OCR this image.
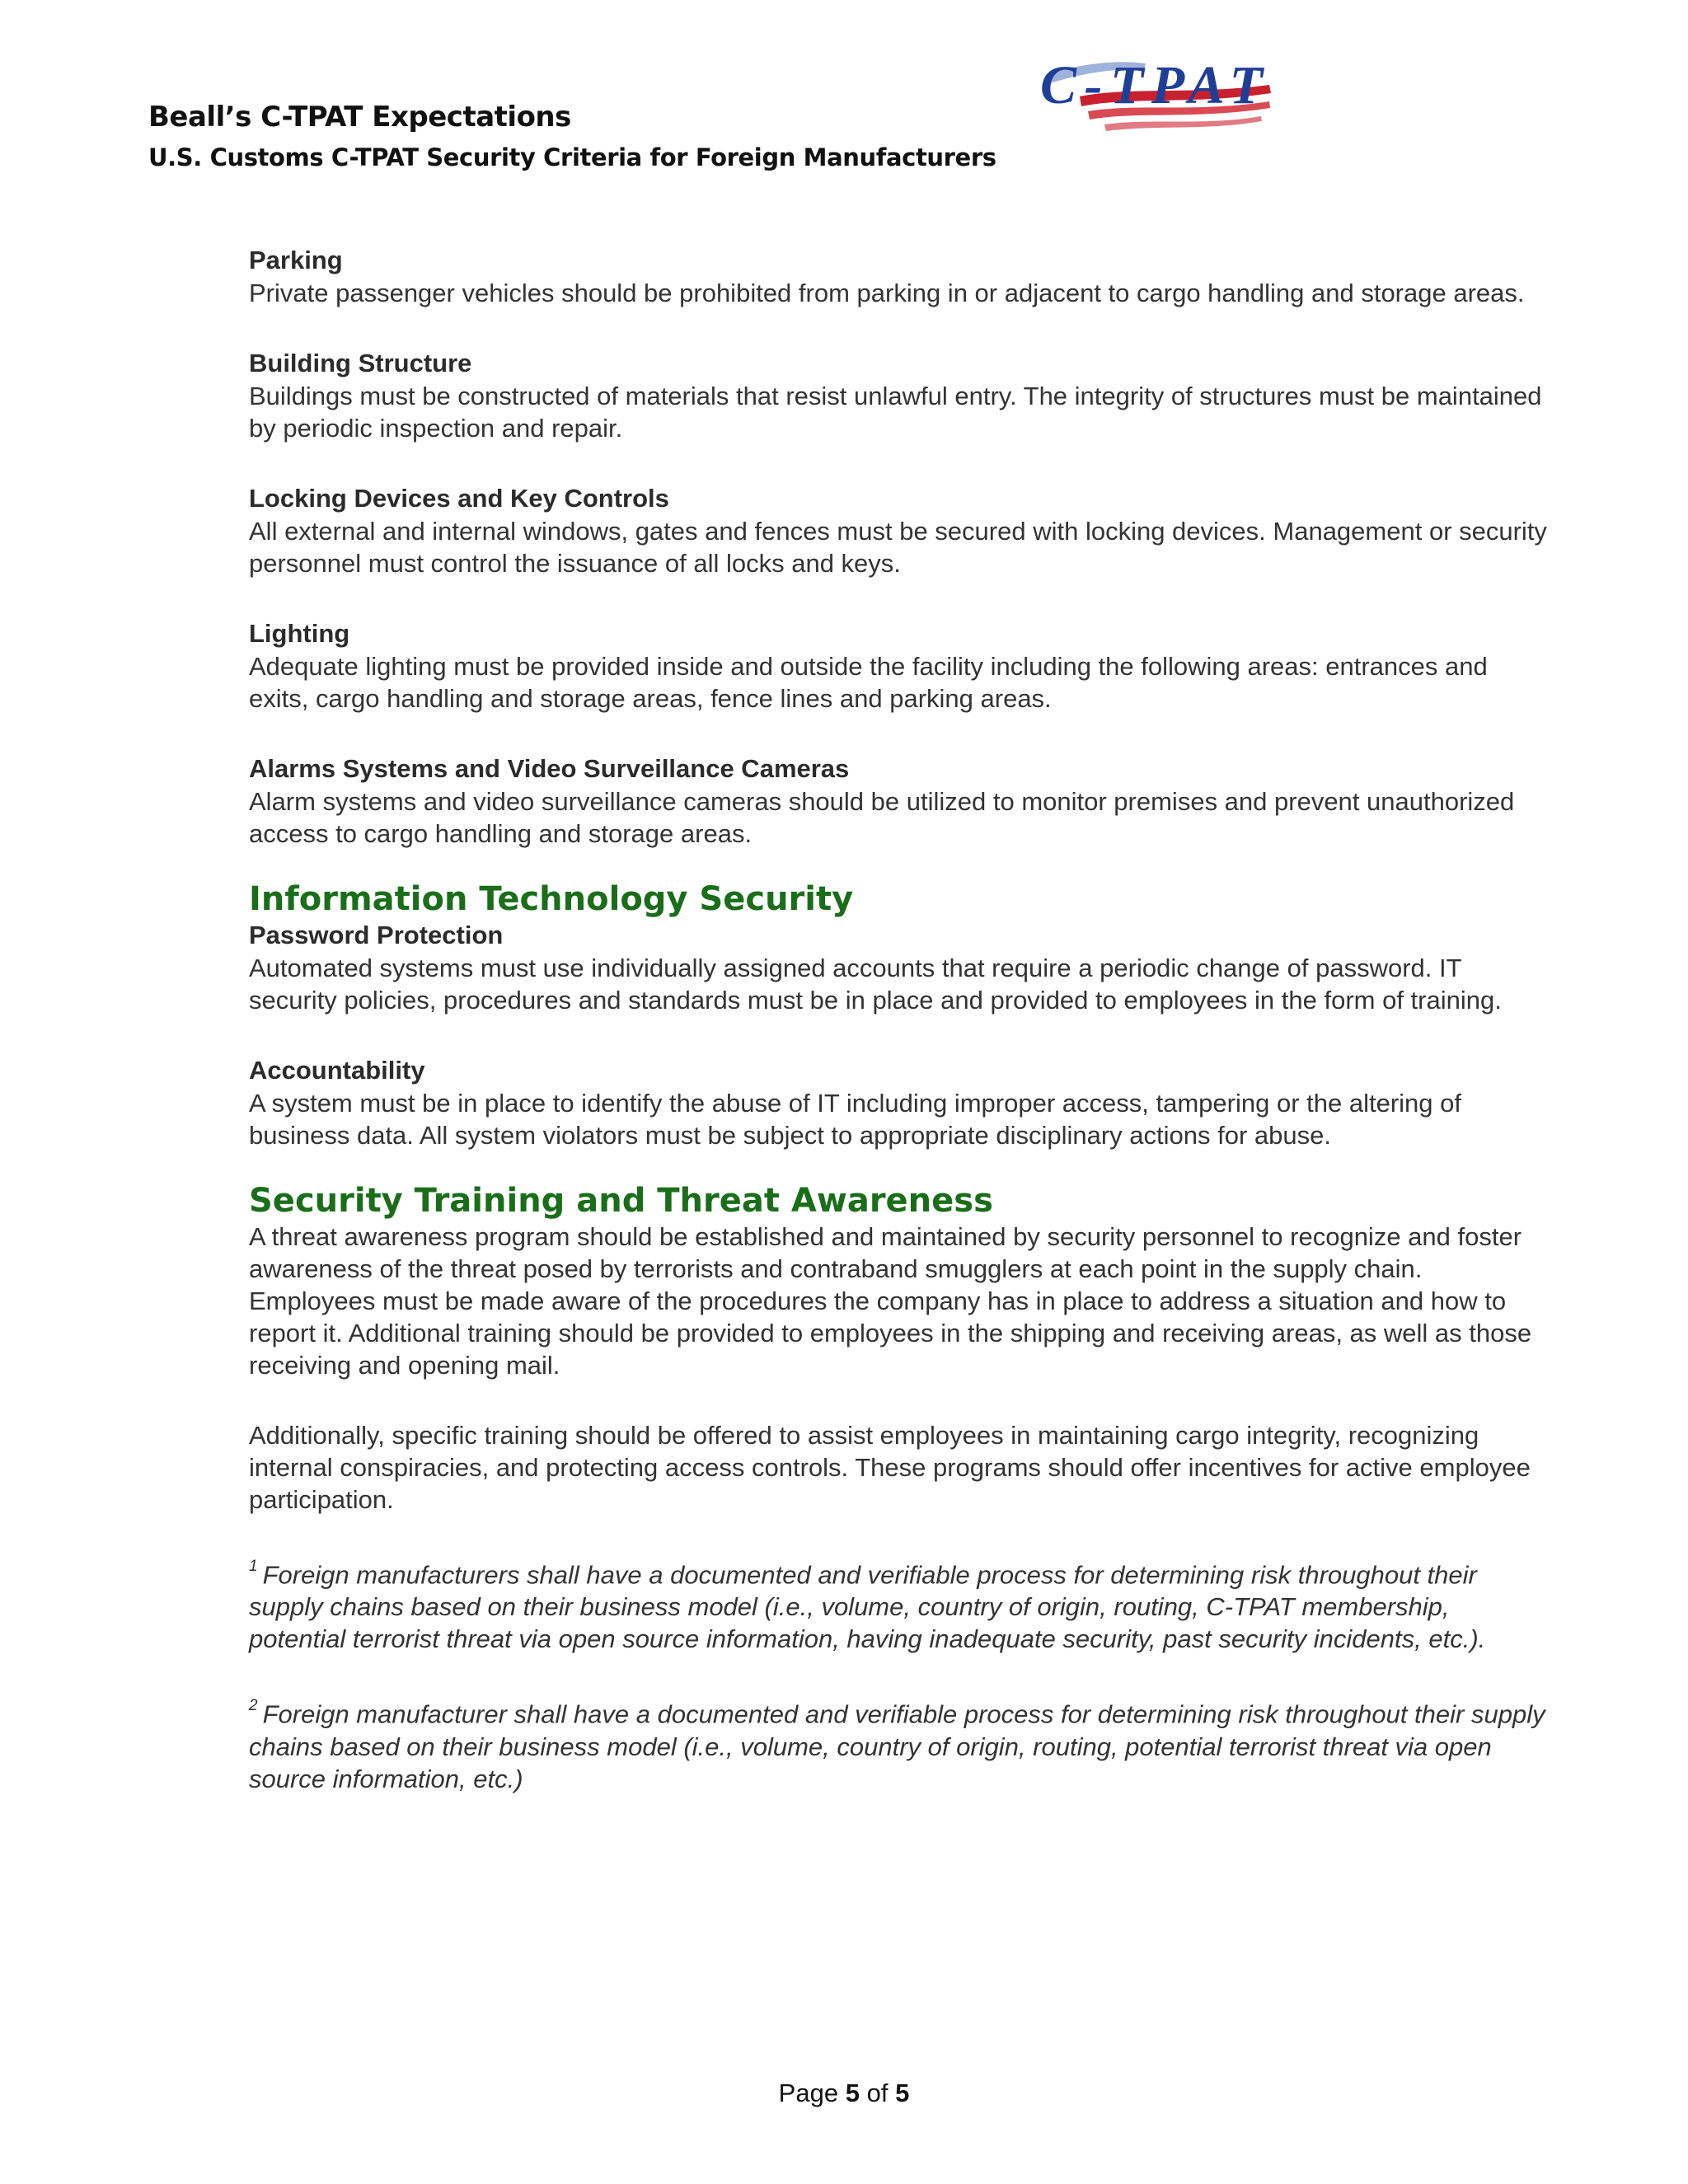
Beall’s C-TPAT Expectations
U.S. Customs C-TPAT Security Criteria for Foreign Manufacturers
C-TPAT
Parking
Private passenger vehicles should be prohibited from parking in or adjacent to cargo handling and storage areas.
Building Structure
Buildings must be constructed of materials that resist unlawful entry. The integrity of structures must be maintained by periodic inspection and repair.
Locking Devices and Key Controls
All external and internal windows, gates and fences must be secured with locking devices. Management or security personnel must control the issuance of all locks and keys.
Lighting
Adequate lighting must be provided inside and outside the facility including the following areas: entrances and exits, cargo handling and storage areas, fence lines and parking areas.
Alarms Systems and Video Surveillance Cameras
Alarm systems and video surveillance cameras should be utilized to monitor premises and prevent unauthorized access to cargo handling and storage areas.
Information Technology Security
Password Protection
Automated systems must use individually assigned accounts that require a periodic change of password. IT security policies, procedures and standards must be in place and provided to employees in the form of training.
Accountability
A system must be in place to identify the abuse of IT including improper access, tampering or the altering of business data. All system violators must be subject to appropriate disciplinary actions for abuse.
Security Training and Threat Awareness
A threat awareness program should be established and maintained by security personnel to recognize and foster awareness of the threat posed by terrorists and contraband smugglers at each point in the supply chain. Employees must be made aware of the procedures the company has in place to address a situation and how to report it. Additional training should be provided to employees in the shipping and receiving areas, as well as those receiving and opening mail.
Additionally, specific training should be offered to assist employees in maintaining cargo integrity, recognizing internal conspiracies, and protecting access controls. These programs should offer incentives for active employee participation.
$^1$ Foreign manufacturers shall have a documented and verifiable process for determining risk throughout their supply chains based on their business model (i.e., volume, country of origin, routing, C-TPAT membership, potential terrorist threat via open source information, having inadequate security, past security incidents, etc.).
$^2$ Foreign manufacturer shall have a documented and verifiable process for determining risk throughout their supply chains based on their business model (i.e., volume, country of origin, routing, potential terrorist threat via open source information, etc.)
Page 5 of 5
